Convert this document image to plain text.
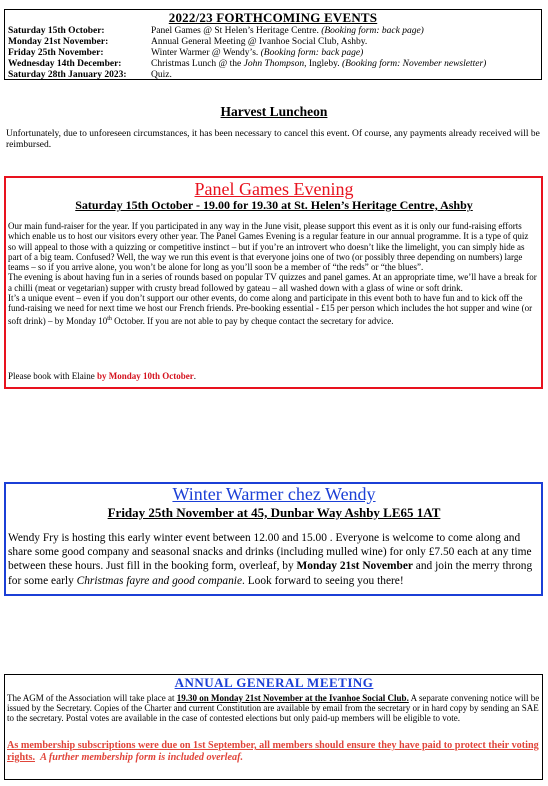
2022/23 FORTHCOMING EVENTS
Saturday 15th October:	Panel Games @ St Helen’s Heritage Centre. (Booking form: back page)
Monday 21st November:	Annual General Meeting @ Ivanhoe Social Club, Ashby.
Friday 25th November:	Winter Warmer @ Wendy’s. (Booking form: back page)
Wednesday 14th December:	Christmas Lunch @ the John Thompson, Ingleby. (Booking form: November newsletter)
Saturday 28th January 2023:	Quiz.
Harvest Luncheon
Unfortunately, due to unforeseen circumstances, it has been necessary to cancel this event. Of course, any payments already received will be reimbursed.
Panel Games Evening
Saturday 15th October - 19.00 for 19.30 at St. Helen’s Heritage Centre, Ashby

Our main fund-raiser for the year. If you participated in any way in the June visit, please support this event as it is only our fund-raising efforts which enable us to host our visitors every other year. The Panel Games Evening is a regular feature in our annual programme. It is a type of quiz so will appeal to those with a quizzing or competitive instinct – but if you’re an introvert who doesn’t like the limelight, you can simply hide as part of a big team. Confused? Well, the way we run this event is that everyone joins one of two (or possibly three depending on numbers) large teams – so if you arrive alone, you won’t be alone for long as you’ll soon be a member of “the reds” or “the blues”.

The evening is about having fun in a series of rounds based on popular TV quizzes and panel games. At an appropriate time, we’ll have a break for a chilli (meat or vegetarian) supper with crusty bread followed by gateau – all washed down with a glass of wine or soft drink.

It’s a unique event – even if you don’t support our other events, do come along and participate in this event both to have fun and to kick off the fund-raising we need for next time we host our French friends. Pre-booking essential - £15 per person which includes the hot supper and wine (or soft drink) – by Monday 10th October. If you are not able to pay by cheque contact the secretary for advice.

Please book with Elaine by Monday 10th October.
Winter Warmer chez Wendy
Friday 25th November at 45, Dunbar Way Ashby LE65 1AT
Wendy Fry is hosting this early winter event between 12.00 and 15.00 . Everyone is welcome to come along and share some good company and seasonal snacks and drinks (including mulled wine) for only £7.50 each at any time between these hours. Just fill in the booking form, overleaf, by Monday 21st November and join the merry throng for some early Christmas fayre and good companie. Look forward to seeing you there!
ANNUAL GENERAL MEETING
The AGM of the Association will take place at 19.30 on Monday 21st November at the Ivanhoe Social Club. A separate convening notice will be issued by the Secretary. Copies of the Charter and current Constitution are available by email from the secretary or in hard copy by sending an SAE to the secretary. Postal votes are available in the case of contested elections but only paid-up members will be eligible to vote.
As membership subscriptions were due on 1st September, all members should ensure they have paid to protect their voting rights. A further membership form is included overleaf.
